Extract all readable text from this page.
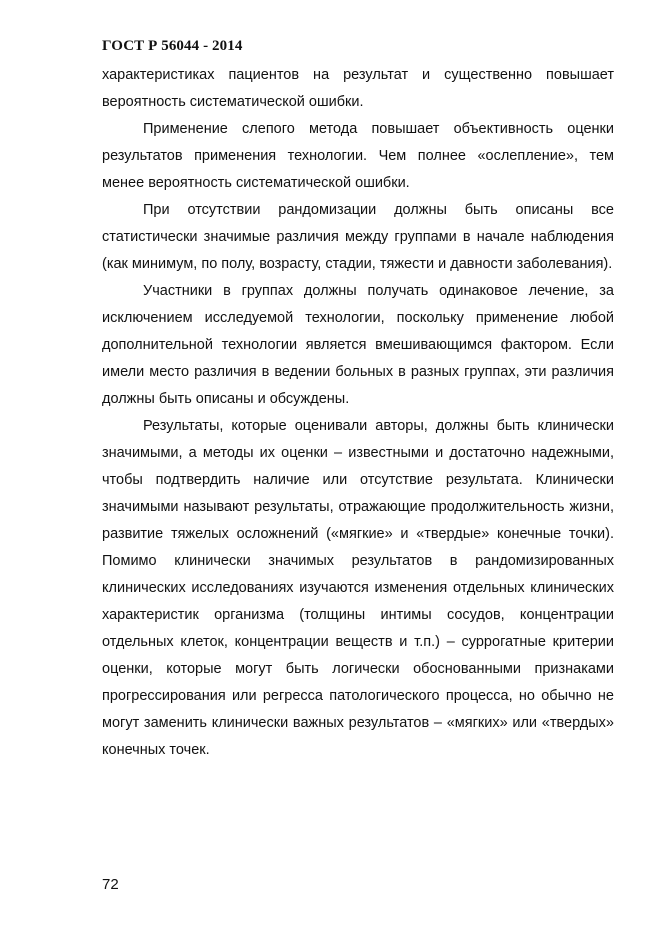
ГОСТ Р 56044 - 2014

характеристиках пациентов на результат и существенно повышает вероятность систематической ошибки.

Применение слепого метода повышает объективность оценки результатов применения технологии. Чем полнее «ослепление», тем менее вероятность систематической ошибки.

При отсутствии рандомизации должны быть описаны все статистически значимые различия между группами в начале наблюдения (как минимум, по полу, возрасту, стадии, тяжести и давности заболевания).

Участники в группах должны получать одинаковое лечение, за исключением исследуемой технологии, поскольку применение любой дополнительной технологии является вмешивающимся фактором. Если имели место различия в ведении больных в разных группах, эти различия должны быть описаны и обсуждены.

Результаты, которые оценивали авторы, должны быть клинически значимыми, а методы их оценки – известными и достаточно надежными, чтобы подтвердить наличие или отсутствие результата. Клинически значимыми называют результаты, отражающие продолжительность жизни, развитие тяжелых осложнений («мягкие» и «твердые» конечные точки). Помимо клинически значимых результатов в рандомизированных клинических исследованиях изучаются изменения отдельных клинических характеристик организма (толщины интимы сосудов, концентрации отдельных клеток, концентрации веществ и т.п.) – суррогатные критерии оценки, которые могут быть логически обоснованными признаками прогрессирования или регресса патологического процесса, но обычно не могут заменить клинически важных результатов – «мягких» или «твердых» конечных точек.

72
